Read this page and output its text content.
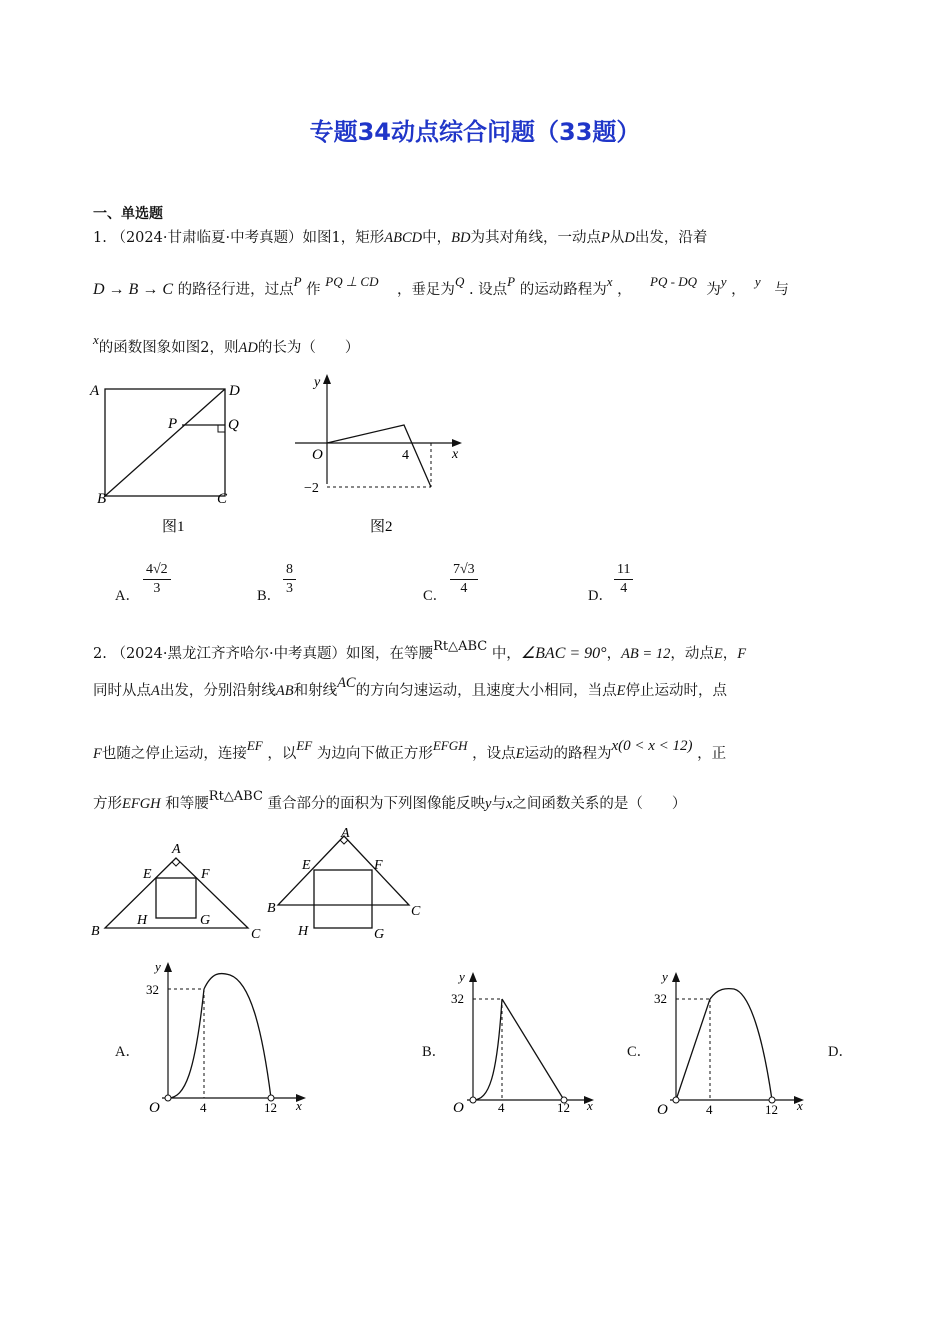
专题34动点综合问题（33题）
一、单选题
1. （2024·甘肃临夏·中考真题）如图1，矩形ABCD中，BD为其对角线，一动点P从D出发，沿着
D → B → C 的路径行进，过点P 作 PQ ⊥ CD    ，垂足为Q . 设点P 的运动路程为x ，    PQ - DQ  为y ，  y   与
x的函数图象如图2，则AD的长为（　　）
A	D
P	Q
B	C
图1
y
O	4	x
−2
图2
A． $\frac{4√2}{3}$	B． $\frac{8}{3}$	C． $\frac{7√3}{4}$	D． $\frac{11}{4}$
2. （2024·黑龙江齐齐哈尔·中考真题）如图，在等腰Rt△ABC 中，∠BAC = 90°，AB = 12，动点E，F
同时从点A出发，分别沿射线AB和射线AC的方向匀速运动，且速度大小相同，当点E停止运动时，点
F也随之停止运动，连接EF ，以EF 为边向下做正方形EFGH ，设点E运动的路程为x(0 < x < 12) ，正
方形EFGH 和等腰Rt△ABC 重合部分的面积为下列图像能反映y与x之间函数关系的是（　　）
A
E	F
H	G
B	C
A
E	F
B	C
H	G
A．
y
32
O	4	12 x
B．
y
32
O	4	12 x
C．
y
32
O	4	12 x
D．
